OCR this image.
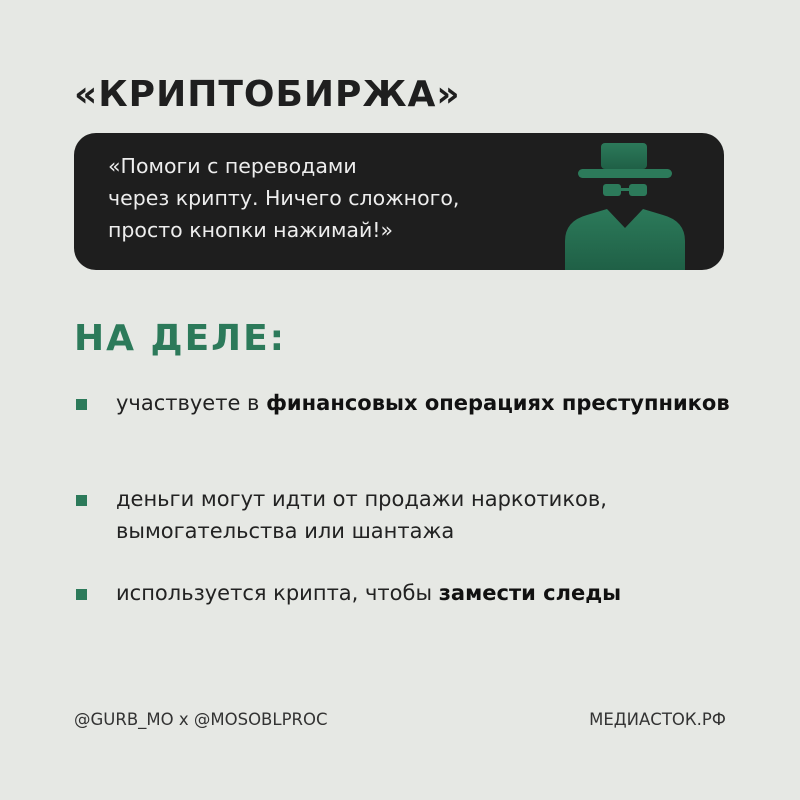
«КРИПТОБИРЖА»

«Помоги с переводами
через крипту. Ничего сложного,
просто кнопки нажимай!»

НА ДЕЛЕ:

участвуете в финансовых операциях преступников

деньги могут идти от продажи наркотиков, вымогательства или шантажа

используется крипта, чтобы замести следы

@GURB_MO x @MOSOBLPROC	МЕДИАСТОК.РФ
